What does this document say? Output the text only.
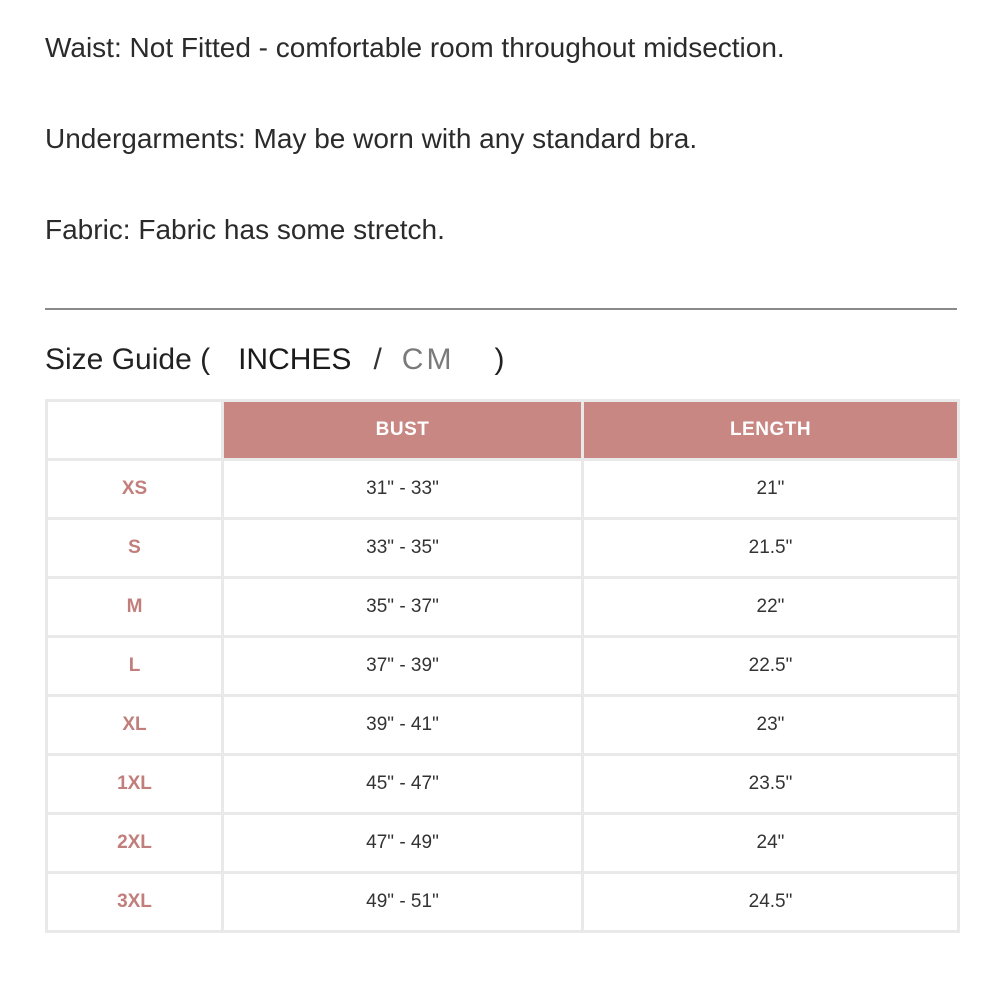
Waist: Not Fitted - comfortable room throughout midsection.

Undergarments: May be worn with any standard bra.

Fabric: Fabric has some stretch.

Size Guide ( INCHES / CM )
	BUST	LENGTH
XS	31" - 33"	21"
S	33" - 35"	21.5"
M	35" - 37"	22"
L	37" - 39"	22.5"
XL	39" - 41"	23"
1XL	45" - 47"	23.5"
2XL	47" - 49"	24"
3XL	49" - 51"	24.5"
